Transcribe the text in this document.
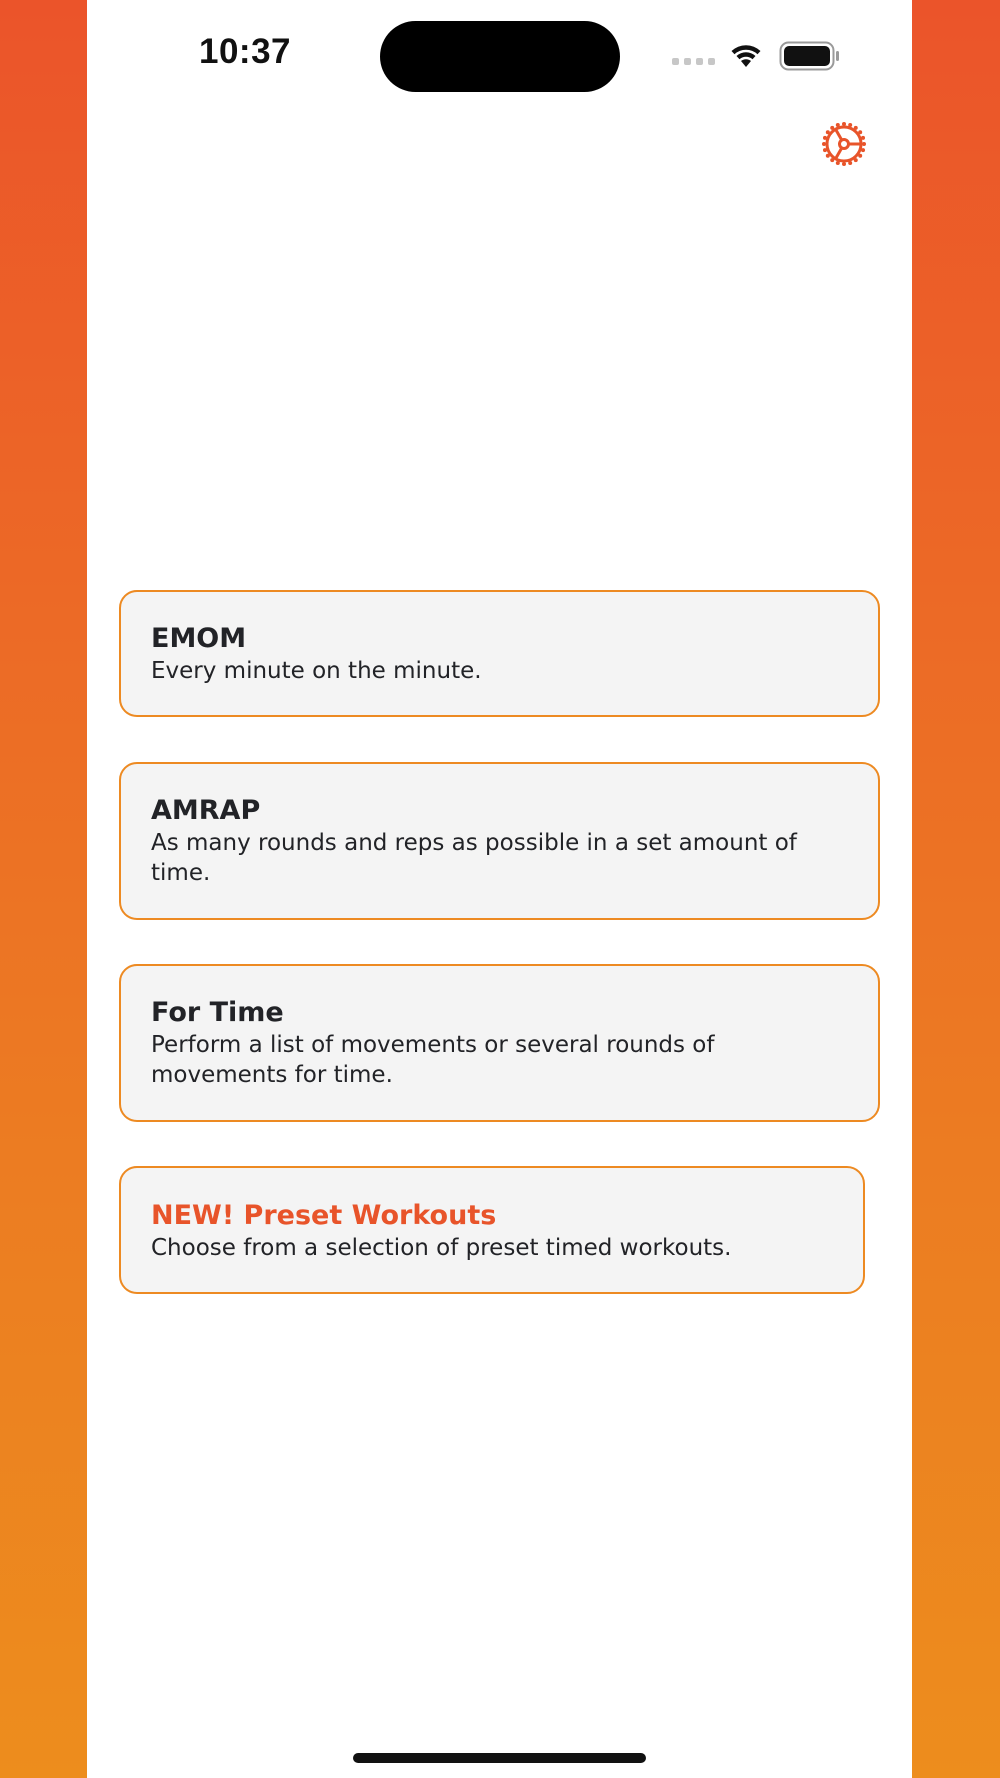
10:37
EMOM
Every minute on the minute.
AMRAP
As many rounds and reps as possible in a set amount of time.
For Time
Perform a list of movements or several rounds of movements for time.
NEW! Preset Workouts
Choose from a selection of preset timed workouts.
